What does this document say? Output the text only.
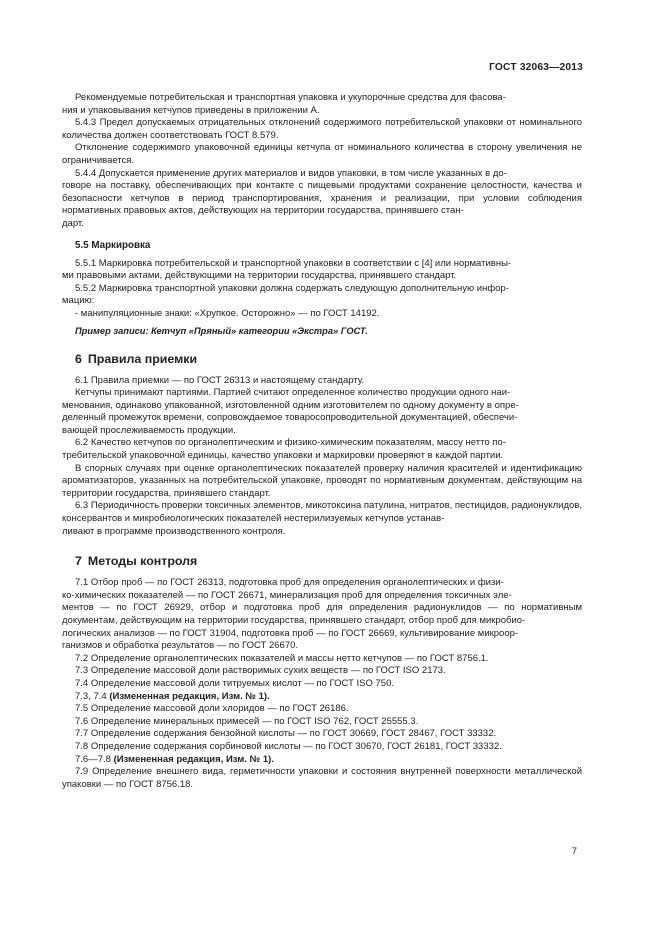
ГОСТ 32063—2013

Рекомендуемые потребительская и транспортная упаковка и укупорочные средства для фасова-
ния и упаковывания кетчупов приведены в приложении А.

5.4.3 Предел допускаемых отрицательных отклонений содержимого потребительской упаковки от номинального количества должен соответствовать ГОСТ 8.579.

Отклонение содержимого упаковочной единицы кетчупа от номинального количества в сторону увеличения не ограничивается.

5.4.4 Допускается применение других материалов и видов упаковки, в том числе указанных в до-
говоре на поставку, обеспечивающих при контакте с пищевыми продуктами сохранение целостности, качества и безопасности кетчупов в период транспортирования, хранения и реализации, при условии соблюдения нормативных правовых актов, действующих на территории государства, принявшего стан-
дарт.

5.5 Маркировка

5.5.1 Маркировка потребительской и транспортной упаковки в соответствии с [4] или нормативны-
ми правовыми актами, действующими на территории государства, принявшего стандарт.

5.5.2 Маркировка транспортной упаковки должна содержать следующую дополнительную инфор-
мацию:

- манипуляционные знаки: «Хрупкое. Осторожно» — по ГОСТ 14192.

Пример записи: Кетчуп «Пряный» категории «Экстра» ГОСТ.
6 Правила приемки

6.1 Правила приемки — по ГОСТ 26313 и настоящему стандарту.

Кетчупы принимают партиями. Партией считают определенное количество продукции одного наи-
менования, одинаково упакованной, изготовленной одним изготовителем по одному документу в опре-
деленный промежуток времени, сопровождаемое товаросопроводительной документацией, обеспечи-
вающей прослеживаемость продукции.

6.2 Качество кетчупов по органолептическим и физико-химическим показателям, массу нетто по-
требительской упаковочной единицы, качество упаковки и маркировки проверяют в каждой партии.

В спорных случаях при оценке органолептических показателей проверку наличия красителей и идентификацию ароматизаторов, указанных на потребительской упаковке, проводят по нормативным документам, действующим на территории государства, принявшего стандарт.

6.3 Периодичность проверки токсичных элементов, микотоксина патулина, нитратов, пестицидов, радионуклидов, консервантов и микробиологических показателей нестерилизуемых кетчупов устанав-
ливают в программе производственного контроля.

7 Методы контроля

7.1 Отбор проб — по ГОСТ 26313, подготовка проб для определения органолептических и физи-
ко-химических показателей — по ГОСТ 26671, минерализация проб для определения токсичных эле-
ментов — по ГОСТ 26929, отбор и подготовка проб для определения радионуклидов — по нормативным документам, действующим на территории государства, принявшего стандарт, отбор проб для микробио-
логических анализов — по ГОСТ 31904, подготовка проб — по ГОСТ 26669, культивирование микроор-
ганизмов и обработка результатов — по ГОСТ 26670.

7.2 Определение органолептических показателей и массы нетто кетчупов — по ГОСТ 8756.1.

7.3 Определение массовой доли растворимых сухих веществ — по ГОСТ ISO 2173.

7.4 Определение массовой доли титруемых кислот — по ГОСТ ISO 750.

7.3, 7.4 (Измененная редакция, Изм. № 1).

7.5 Определение массовой доли хлоридов — по ГОСТ 26186.

7.6 Определение минеральных примесей — по ГОСТ ISO 762, ГОСТ 25555.3.

7.7 Определение содержания бензойной кислоты — по ГОСТ 30669, ГОСТ 28467, ГОСТ 33332.

7.8 Определение содержания сорбиновой кислоты — по ГОСТ 30670, ГОСТ 26181, ГОСТ 33332.

7.6—7.8 (Измененная редакция, Изм. № 1).

7.9 Определение внешнего вида, герметичности упаковки и состояния внутренней поверхности металлической упаковки — по ГОСТ 8756.18.

7
